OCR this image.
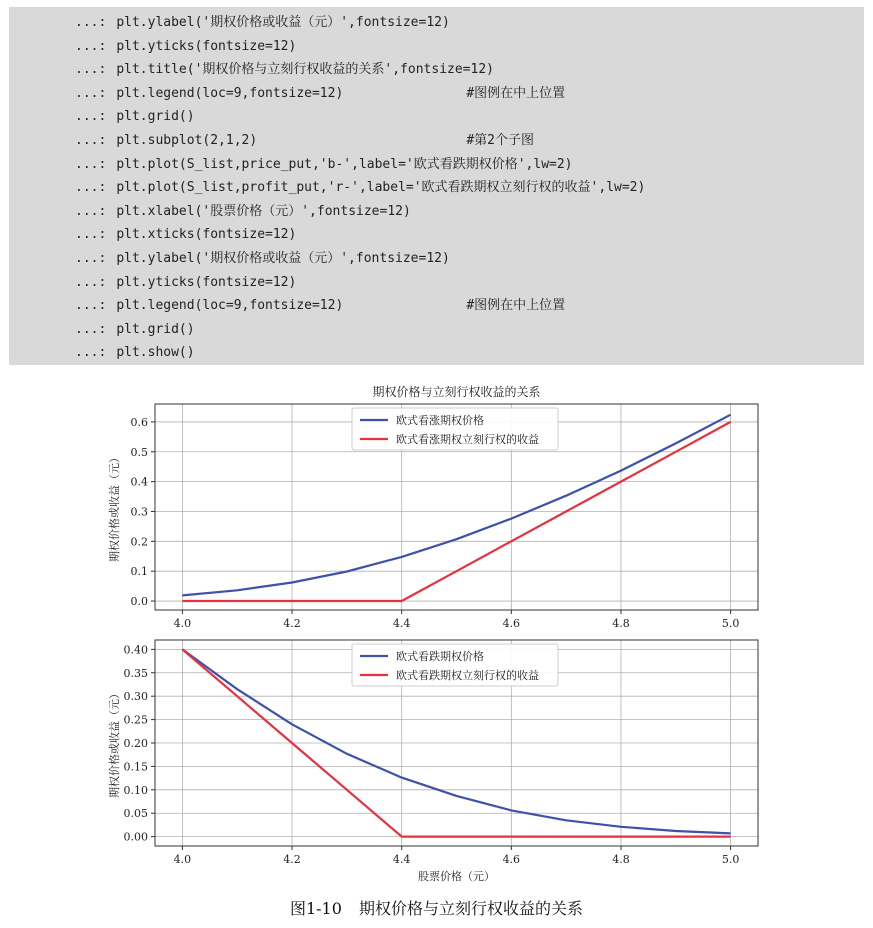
...: plt.ylabel('期权价格或收益（元）',fontsize=12)
...: plt.yticks(fontsize=12)
...: plt.title('期权价格与立刻行权收益的关系',fontsize=12)
...: plt.legend(loc=9,fontsize=12)	#图例在中上位置
...: plt.grid()
...: plt.subplot(2,1,2)	#第2个子图
...: plt.plot(S_list,price_put,'b-',label='欧式看跌期权价格',lw=2)
...: plt.plot(S_list,profit_put,'r-',label='欧式看跌期权立刻行权的收益',lw=2)
...: plt.xlabel('股票价格（元）',fontsize=12)
...: plt.xticks(fontsize=12)
...: plt.ylabel('期权价格或收益（元）',fontsize=12)
...: plt.yticks(fontsize=12)
...: plt.legend(loc=9,fontsize=12)	#图例在中上位置
...: plt.grid()
...: plt.show()
4.0	4.2	4.4	4.6	4.8	5.0
0.0
0.1
0.2
0.3
0.4
0.5
0.6
期权价格与立刻行权收益的关系
期权价格或收益（元）
欧式看涨期权价格
欧式看涨期权立刻行权的收益
4.0	4.2	4.4	4.6	4.8	5.0
0.00
0.05
0.10
0.15
0.20
0.25
0.30
0.35
0.40
股票价格（元）
期权价格或收益（元）
欧式看跌期权价格
欧式看跌期权立刻行权的收益
图1-10 期权价格与立刻行权收益的关系
